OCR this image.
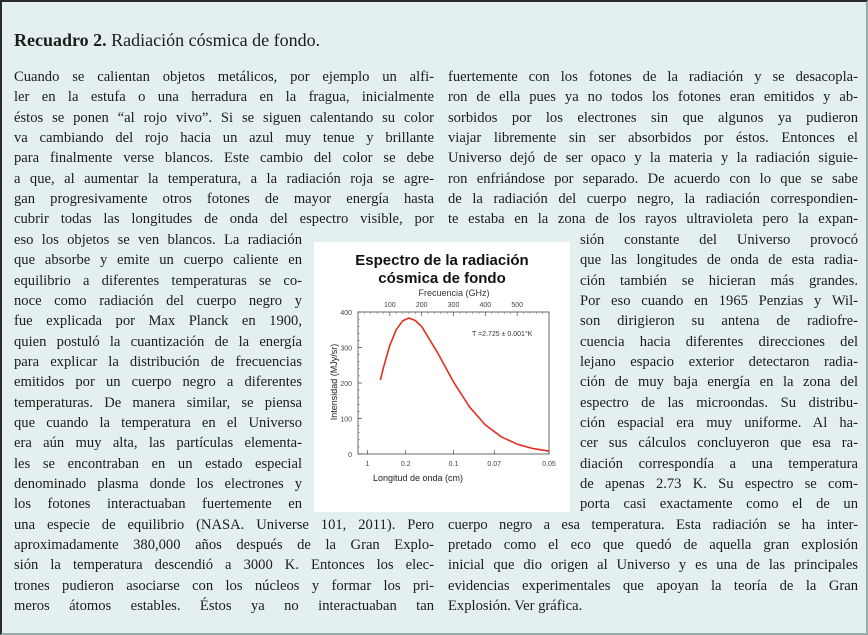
Recuadro 2. Radiación cósmica de fondo.
Cuando se calientan objetos metálicos, por ejemplo un alfi-
ler en la estufa o una herradura en la fragua, inicialmente
éstos se ponen “al rojo vivo”. Si se siguen calentando su color
va cambiando del rojo hacia un azul muy tenue y brillante
para finalmente verse blancos. Este cambio del color se debe
a que, al aumentar la temperatura, a la radiación roja se agre-
gan progresivamente otros fotones de mayor energía hasta
cubrir todas las longitudes de onda del espectro visible, por
eso los objetos se ven blancos. La radiación
que absorbe y emite un cuerpo caliente en
equilibrio a diferentes temperaturas se co-
noce como radiación del cuerpo negro y
fue explicada por Max Planck en 1900,
quien postuló la cuantización de la energía
para explicar la distribución de frecuencias
emitidos por un cuerpo negro a diferentes
temperaturas. De manera similar, se piensa
que cuando la temperatura en el Universo
era aún muy alta, las partículas elementa-
les se encontraban en un estado especial
denominado plasma donde los electrones y
los fotones interactuaban fuertemente en
una especie de equilibrio (NASA. Universe 101, 2011). Pero
aproximadamente 380,000 años después de la Gran Explo-
sión la temperatura descendió a 3000 K. Entonces los elec-
trones pudieron asociarse con los núcleos y formar los pri-
meros átomos estables. Éstos ya no interactuaban tan
fuertemente con los fotones de la radiación y se desacopla-
ron de ella pues ya no todos los fotones eran emitidos y ab-
sorbidos por los electrones sin que algunos ya pudieron
viajar libremente sin ser absorbidos por éstos. Entonces el
Universo dejó de ser opaco y la materia y la radiación siguie-
ron enfriándose por separado. De acuerdo con lo que se sabe
de la radiación del cuerpo negro, la radiación correspondien-
te estaba en la zona de los rayos ultravioleta pero la expan-
sión constante del Universo provocó
que las longitudes de onda de esta radia-
ción también se hicieran más grandes.
Por eso cuando en 1965 Penzias y Wil-
son dirigieron su antena de radiofre-
cuencia hacia diferentes direcciones del
lejano espacio exterior detectaron radia-
ción de muy baja energía en la zona del
espectro de las microondas. Su distribu-
ción espacial era muy uniforme. Al ha-
cer sus cálculos concluyeron que esa ra-
diación correspondía a una temperatura
de apenas 2.73 K. Su espectro se com-
porta casi exactamente como el de un
cuerpo negro a esa temperatura. Esta radiación se ha inter-
pretado como el eco que quedó de aquella gran explosión
inicial que dio origen al Universo y es una de las principales
evidencias experimentales que apoyan la teoría de la Gran
Explosión. Ver gráfica.
Espectro de la radiación
cósmica de fondo
Frecuencia (GHz)
100	200	300	400	500
1	0.2	0.1	0.07	0.05
0
100
200
300
400
Longitud de onda (cm)
Intensidad (MJy/sr)
T =2.725 ± 0.001°K
